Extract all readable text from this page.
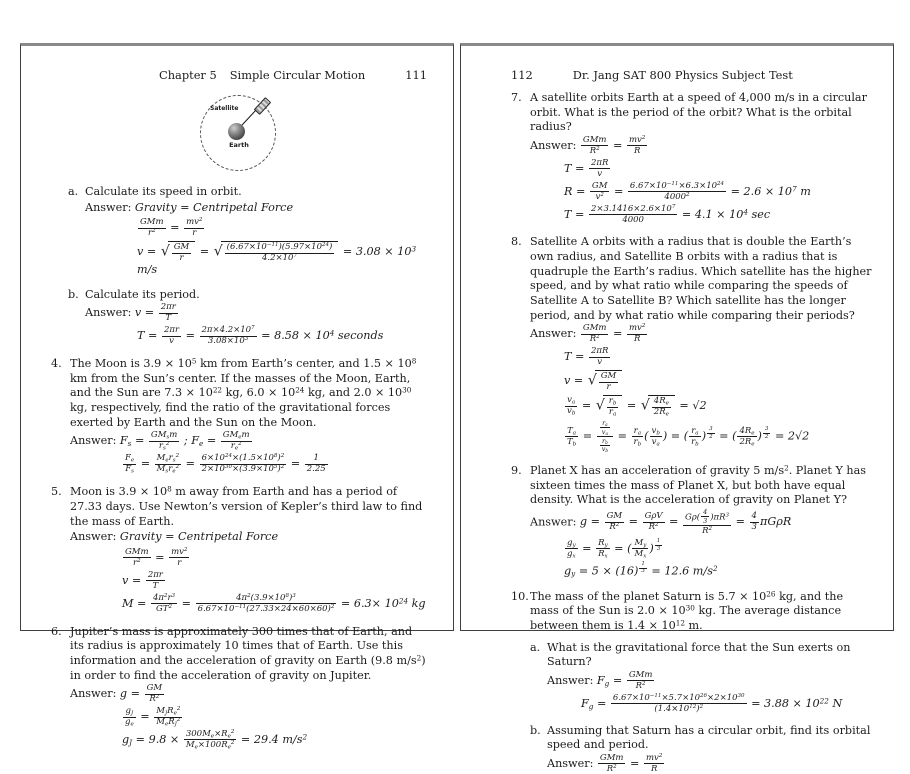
Chapter 5 Simple Circular Motion	111
Satellite
Earth
a. Calculate its speed in orbit.
Answer: Gravity = Centripetal Force
GMm
$r^2 = \frac{mv^2}{r}$
v = √ $\frac{GM}{r}$ = √ $\frac{(6.67\times 10^{-11})(5.97\times 10^{24})}{4.2\times 10^7} = 3.08 \times 10^3$ m/s
b. Calculate its period.
Answer: $v = \frac{2\pi r}{T}$
$T = \frac{2\pi r}{v} = \frac{2\pi\times 4.2\times 10^7}{3.08\times 10^3} = 8.58 \times 10^4$ seconds
4. The Moon is $3.9 \times 10^5$ km from Earth’s center, and $1.5 \times 10^8$ km from the Sun’s center. If the masses of the Moon, Earth, and the Sun are $7.3 \times 10^{22}$ kg, $6.0 \times 10^{24}$ kg, and $2.0 \times 10^{30}$ kg, respectively, find the ratio of the gravitational forces exerted by Earth and the Sun on the Moon.
Answer: $F_s = GM_sm$
$r_s^2$ ; $F_e = GM_em$
$r_e^2$
$\frac{F_e}{F_s} = M_er_s^2$
$M_sr_e^2 = \frac{6\times 10^{24}\times(1.5\times 10^8)^2}{2\times 10^{30}\times(3.9\times 10^5)^2} = \frac{1}{2.25}$
5. Moon is $3.9 \times 10^8$ m away from Earth and has a period of 27.33 days. Use Newton’s version of Kepler’s third law to find the mass of Earth.
Answer: Gravity = Centripetal Force
GMm
$r^2 = \frac{mv^2}{r}$
$v = \frac{2\pi r}{T}$
$M = \frac{4\pi^2r^3}{GT^2} = \frac{4\pi^2(3.9\times 10^8)^3}{6.67\times 10^{-11}(27.33\times 24\times 60\times 60)^2} = 6.3\times 10^{24}$ kg
6. Jupiter’s mass is approximately 300 times that of Earth, and its radius is approximately 10 times that of Earth. Use this information and the acceleration of gravity on Earth (9.8 $m/s^2$) in order to find the acceleration of gravity on Jupiter.
Answer: $g = \frac{GM}{R^2}$
$\frac{g_J}{g_e} = M_JR_e^2$
$M_eR_J^2$
$g_J = 9.8 \times \frac{300M_e\times R_e^2}{M_e\times 100R_e^2} = 29.4$ $m/s^2$
112	Dr. Jang SAT 800 Physics Subject Test
7. A satellite orbits Earth at a speed of 4,000 m/s in a circular orbit. What is the period of the orbit? What is the orbital radius?
Answer: GMm
$R^2 = \frac{mv^2}{R}$
$T = \frac{2\pi R}{v}$
$R = \frac{GM}{v^2} = \frac{6.67\times 10^{-11}\times 6.3\times 10^{24}}{4000^2} = 2.6 \times 10^7$ m
$T = \frac{2\times 3.1416\times 2.6\times 10^7}{4000} = 4.1 \times 10^4$ sec
8. Satellite A orbits with a radius that is double the Earth’s own radius, and Satellite B orbits with a radius that is quadruple the Earth’s radius. Which satellite has the higher speed, and by what ratio while comparing the speeds of Satellite A to Satellite B? Which satellite has the longer period, and by what ratio while comparing their periods?
Answer: GMm
$R^2 = \frac{mv^2}{R}$
$T = \frac{2\pi R}{v}$
v = √ $\frac{GM}{r}$
$\frac{v_a}{v_b}$ = √ $\frac{r_b}{r_a}$ = √ $\frac{4R_e}{2R_e} = √2$
$\frac{T_a}{T_b}$ =
$\frac{r_a}{v_a}$
$\frac{r_b}{v_b}$
= $\frac{r_a}{r_b}$ ( $\frac{v_b}{v_a}$ ) = ( $\frac{r_a}{r_b}$ ) $^{\frac{3}{2}}$ = ( $\frac{4R_e}{2R_e}$ ) $^{\frac{3}{2}}$ = 2√2
9. Planet X has an acceleration of gravity 5 $m/s^2$. Planet Y has sixteen times the mass of Planet X, but both have equal density. What is the acceleration of gravity on Planet Y?
Answer: $g = \frac{GM}{R^2} = G\rho V$
$R^2 = \frac{G\rho( \frac{4}{3} )\pi R^3}{R^2} = \frac{4}{3}$ πGρR
$\frac{g_y}{g_x} = \frac{R_y}{R_x}$ = ( $\frac{M_y}{M_x}$ ) $^{\frac{1}{3}}$
$g_y = 5 \times (16) ^{\frac{1}{3}} = 12.6$ $m/s^2$
10. The mass of the planet Saturn is $5.7 \times 10^{26}$ kg, and the mass of the Sun is $2.0 \times 10^{30}$ kg. The average distance between them is $1.4 \times 10^{12}$ m.
a. What is the gravitational force that the Sun exerts on Saturn?
Answer: $F_g$ = GMm
$R^2$
$F_g = \frac{6.67\times 10^{-11}\times 5.7\times 10^{26}\times 2\times 10^{30}}{(1.4\times 10^{12})^2} = 3.88 \times 10^{22}$ N
b. Assuming that Saturn has a circular orbit, find its orbital speed and period.
Answer: GMm
$R^2 = \frac{mv^2}{R}$
